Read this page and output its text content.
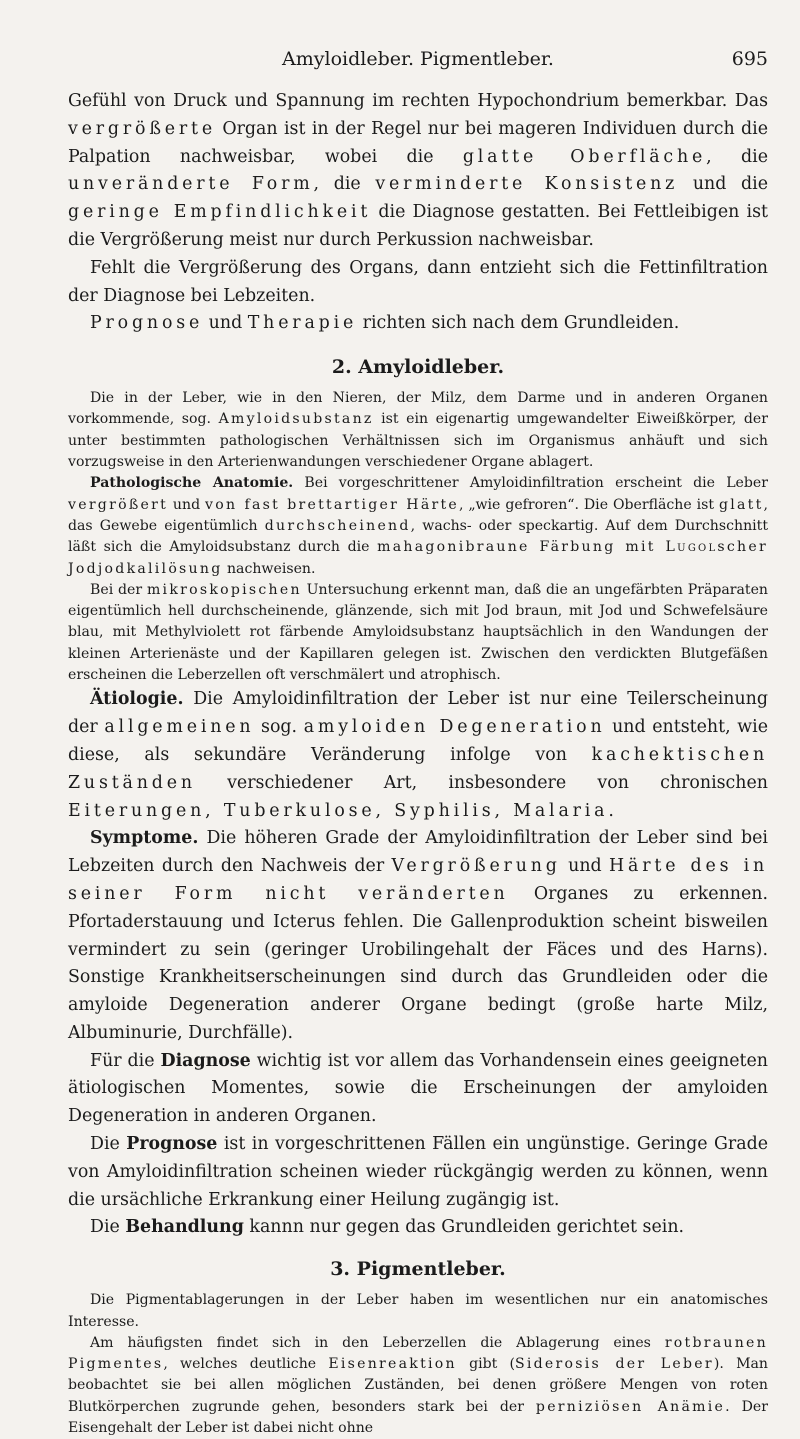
Amyloidleber. Pigmentleber.	695

Gefühl von Druck und Spannung im rechten Hypochondrium bemerkbar. Das vergrößerte Organ ist in der Regel nur bei mageren Individuen durch die Palpation nachweisbar, wobei die glatte Oberfläche, die unveränderte Form, die verminderte Konsistenz und die geringe Empfindlichkeit die Diagnose gestatten. Bei Fettleibigen ist die Vergrößerung meist nur durch Perkussion nachweisbar.

Fehlt die Vergrößerung des Organs, dann entzieht sich die Fettinfiltration der Diagnose bei Lebzeiten.

Prognose und Therapie richten sich nach dem Grundleiden.

2. Amyloidleber.

Die in der Leber, wie in den Nieren, der Milz, dem Darme und in anderen Organen vorkommende, sog. Amyloidsubstanz ist ein eigenartig umgewandelter Eiweißkörper, der unter bestimmten pathologischen Verhältnissen sich im Organismus anhäuft und sich vorzugsweise in den Arterienwandungen verschiedener Organe ablagert.

Pathologische Anatomie. Bei vorgeschrittener Amyloidinfiltration erscheint die Leber vergrößert und von fast brettartiger Härte, „wie gefroren“. Die Oberfläche ist glatt, das Gewebe eigentümlich durchscheinend, wachs- oder speckartig. Auf dem Durchschnitt läßt sich die Amyloidsubstanz durch die mahagonibraune Färbung mit Lugolscher Jodjodkalilösung nachweisen.

Bei der mikroskopischen Untersuchung erkennt man, daß die an ungefärbten Präparaten eigentümlich hell durchscheinende, glänzende, sich mit Jod braun, mit Jod und Schwefelsäure blau, mit Methylviolett rot färbende Amyloidsubstanz hauptsächlich in den Wandungen der kleinen Arterienäste und der Kapillaren gelegen ist. Zwischen den verdickten Blutgefäßen erscheinen die Leberzellen oft verschmälert und atrophisch.

Ätiologie. Die Amyloidinfiltration der Leber ist nur eine Teilerscheinung der allgemeinen sog. amyloiden Degeneration und entsteht, wie diese, als sekundäre Veränderung infolge von kachektischen Zuständen verschiedener Art, insbesondere von chronischen Eiterungen, Tuberkulose, Syphilis, Malaria.

Symptome. Die höheren Grade der Amyloidinfiltration der Leber sind bei Lebzeiten durch den Nachweis der Vergrößerung und Härte des in seiner Form nicht veränderten Organes zu erkennen. Pfortaderstauung und Icterus fehlen. Die Gallenproduktion scheint bisweilen vermindert zu sein (geringer Urobilingehalt der Fäces und des Harns). Sonstige Krankheitserscheinungen sind durch das Grundleiden oder die amyloide Degeneration anderer Organe bedingt (große harte Milz, Albuminurie, Durchfälle).

Für die Diagnose wichtig ist vor allem das Vorhandensein eines geeigneten ätiologischen Momentes, sowie die Erscheinungen der amyloiden Degeneration in anderen Organen.

Die Prognose ist in vorgeschrittenen Fällen ein ungünstige. Geringe Grade von Amyloidinfiltration scheinen wieder rückgängig werden zu können, wenn die ursächliche Erkrankung einer Heilung zugängig ist.

Die Behandlung kannn nur gegen das Grundleiden gerichtet sein.

3. Pigmentleber.

Die Pigmentablagerungen in der Leber haben im wesentlichen nur ein anatomisches Interesse.

Am häufigsten findet sich in den Leberzellen die Ablagerung eines rotbraunen Pigmentes, welches deutliche Eisenreaktion gibt (Siderosis der Leber). Man beobachtet sie bei allen möglichen Zuständen, bei denen größere Mengen von roten Blutkörperchen zugrunde gehen, besonders stark bei der perniziösen Anämie. Der Eisengehalt der Leber ist dabei nicht ohne
